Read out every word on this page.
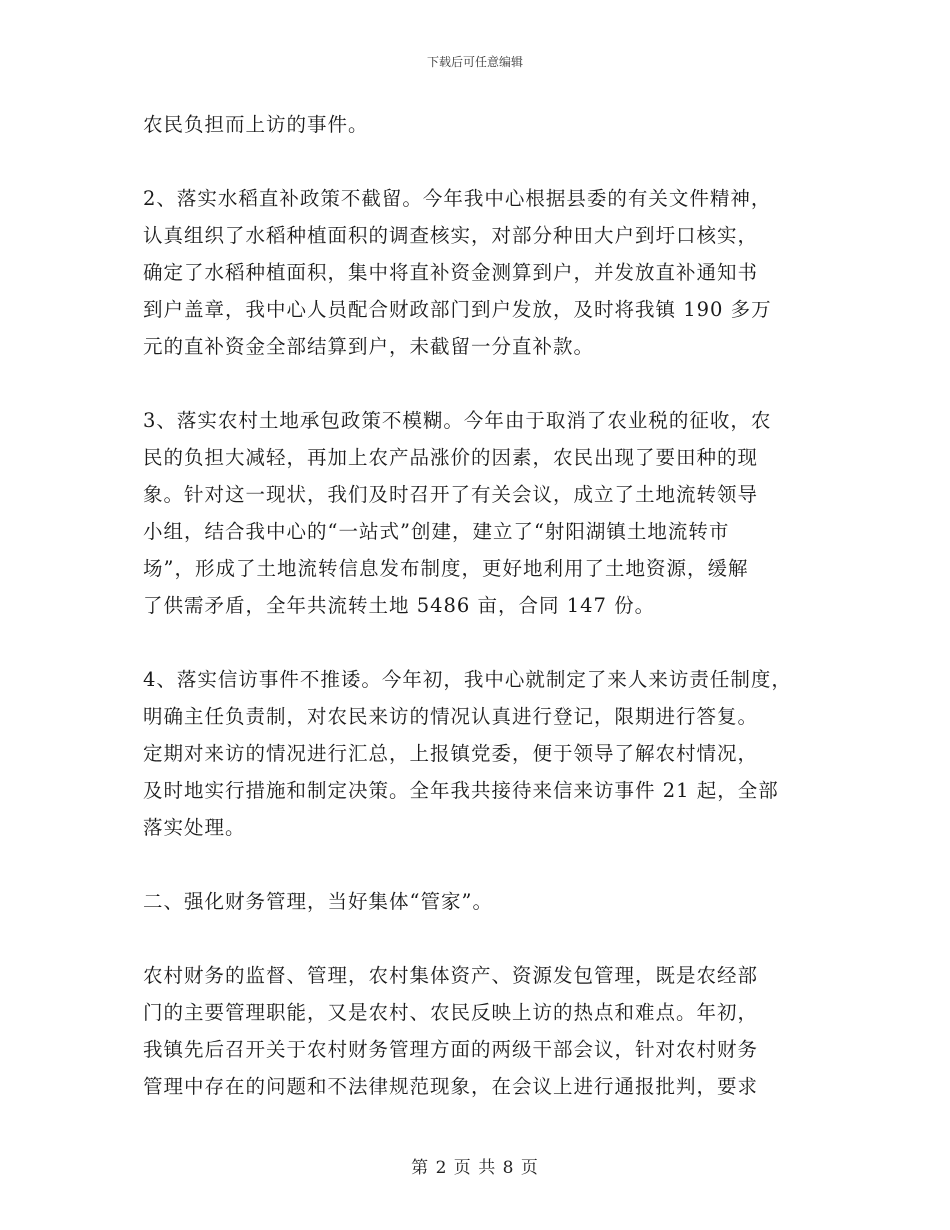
下载后可任意编辑
农民负担而上访的事件。
2、落实水稻直补政策不截留。今年我中心根据县委的有关文件精神，
认真组织了水稻种植面积的调查核实，对部分种田大户到圩口核实，
确定了水稻种植面积，集中将直补资金测算到户，并发放直补通知书
到户盖章，我中心人员配合财政部门到户发放，及时将我镇 190 多万
元的直补资金全部结算到户，未截留一分直补款。
3、落实农村土地承包政策不模糊。今年由于取消了农业税的征收，农
民的负担大减轻，再加上农产品涨价的因素，农民出现了要田种的现
象。针对这一现状，我们及时召开了有关会议，成立了土地流转领导
小组，结合我中心的“一站式”创建，建立了“射阳湖镇土地流转市
场”，形成了土地流转信息发布制度，更好地利用了土地资源，缓解
了供需矛盾，全年共流转土地 5486 亩，合同 147 份。
4、落实信访事件不推诿。今年初，我中心就制定了来人来访责任制度，
明确主任负责制，对农民来访的情况认真进行登记，限期进行答复。
定期对来访的情况进行汇总，上报镇党委，便于领导了解农村情况，
及时地实行措施和制定决策。全年我共接待来信来访事件 21 起，全部
落实处理。
二、强化财务管理，当好集体“管家”。
农村财务的监督、管理，农村集体资产、资源发包管理，既是农经部
门的主要管理职能，又是农村、农民反映上访的热点和难点。年初，
我镇先后召开关于农村财务管理方面的两级干部会议，针对农村财务
管理中存在的问题和不法律规范现象，在会议上进行通报批判，要求
第 2 页 共 8 页
